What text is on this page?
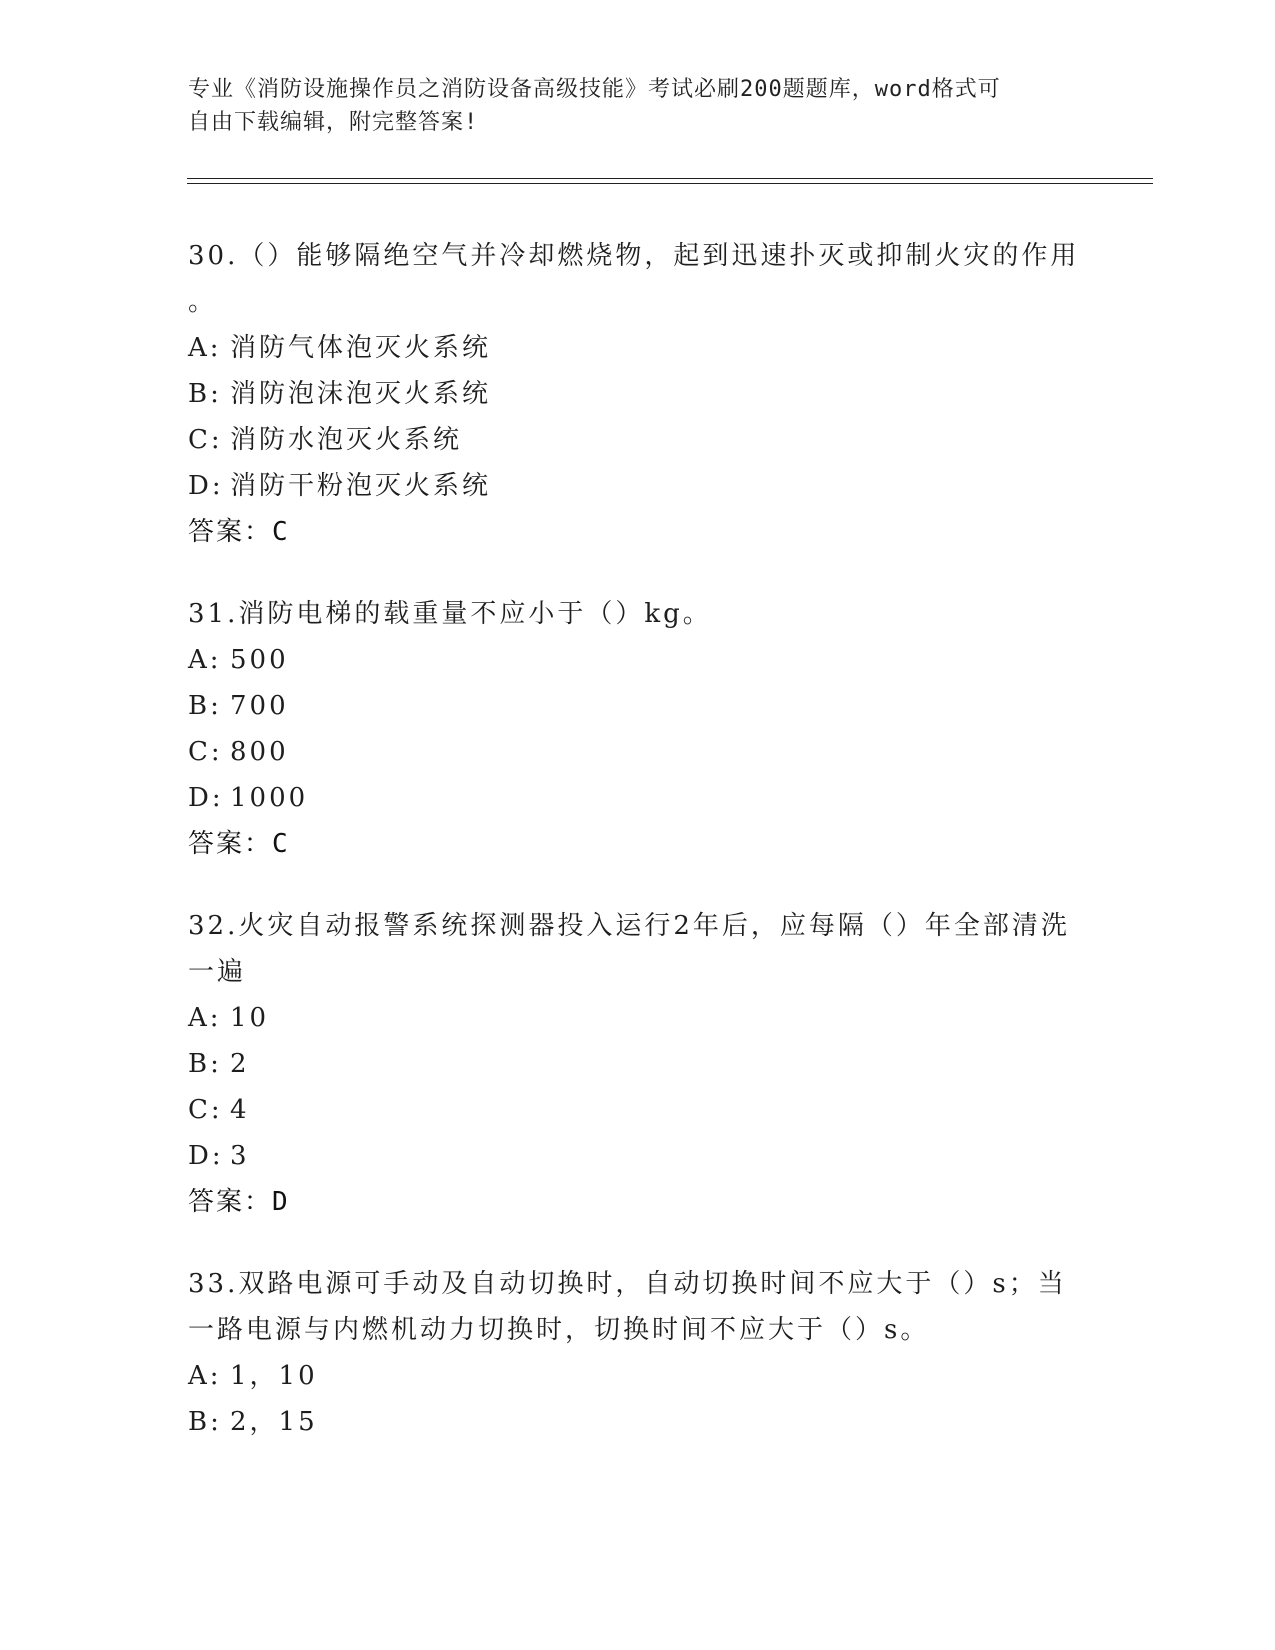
专业《消防设施操作员之消防设备高级技能》考试必刷200题题库，word格式可
自由下载编辑，附完整答案!
30.（）能够隔绝空气并冷却燃烧物，起到迅速扑灭或抑制火灾的作用
。
A: 消防气体泡灭火系统
B: 消防泡沫泡灭火系统
C: 消防水泡灭火系统
D: 消防干粉泡灭火系统
答案：C
31.消防电梯的载重量不应小于（）kg。
A: 500
B: 700
C: 800
D: 1000
答案：C
32.火灾自动报警系统探测器投入运行2年后，应每隔（）年全部清洗
一遍
A: 10
B: 2
C: 4
D: 3
答案：D
33.双路电源可手动及自动切换时，自动切换时间不应大于（）s；当
一路电源与内燃机动力切换时，切换时间不应大于（）s。
A: 1，10
B: 2，15
